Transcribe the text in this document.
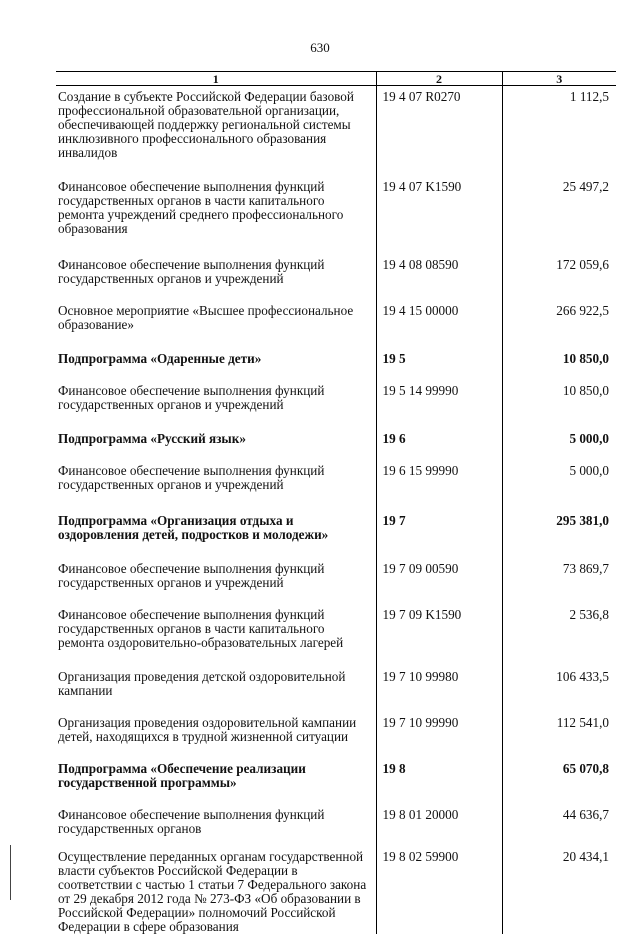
630
1	2	3
Создание в субъекте Российской Федерации базовой профессиональной образовательной организации, обеспечивающей поддержку региональной системы инклюзивного профессионального образования инвалидов	19 4 07 R0270	1 112,5
Финансовое обеспечение выполнения функций государственных органов в части капитального ремонта учреждений среднего профессионального образования	19 4 07 K1590	25 497,2
Финансовое обеспечение выполнения функций государственных органов и учреждений	19 4 08 08590	172 059,6
Основное мероприятие «Высшее профессиональное образование»	19 4 15 00000	266 922,5
Подпрограмма «Одаренные дети»	19 5	10 850,0
Финансовое обеспечение выполнения функций государственных органов и учреждений	19 5 14 99990	10 850,0
Подпрограмма «Русский язык»	19 6	5 000,0
Финансовое обеспечение выполнения функций государственных органов и учреждений	19 6 15 99990	5 000,0
Подпрограмма «Организация отдыха и оздоровления детей, подростков и молодежи»	19 7	295 381,0
Финансовое обеспечение выполнения функций государственных органов и учреждений	19 7 09 00590	73 869,7
Финансовое обеспечение выполнения функций государственных органов в части капитального ремонта оздоровительно-образовательных лагерей	19 7 09 K1590	2 536,8
Организация проведения детской оздоровительной кампании	19 7 10 99980	106 433,5
Организация проведения оздоровительной кампании детей, находящихся в трудной жизненной ситуации	19 7 10 99990	112 541,0
Подпрограмма «Обеспечение реализации государственной программы»	19 8	65 070,8
Финансовое обеспечение выполнения функций государственных органов	19 8 01 20000	44 636,7
Осуществление переданных органам государственной власти субъектов Российской Федерации в соответствии с частью 1 статьи 7 Федерального закона от 29 декабря 2012 года № 273-ФЗ «Об образовании в Российской Федерации» полномочий Российской Федерации в сфере образования	19 8 02 59900	20 434,1
